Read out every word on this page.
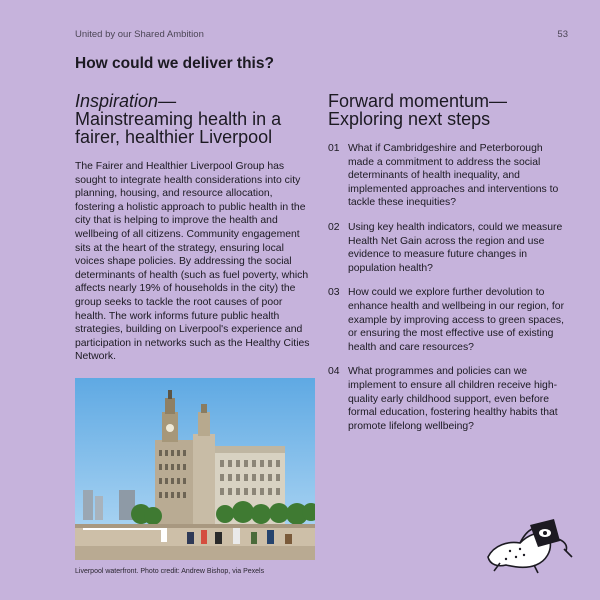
United by our Shared Ambition	53
How could we deliver this?
Inspiration—
Mainstreaming health in a fairer, healthier Liverpool

The Fairer and Healthier Liverpool Group has sought to integrate health considerations into city planning, housing, and resource allocation, fostering a holistic approach to public health in the city that is helping to improve the health and wellbeing of all citizens. Community engagement sits at the heart of the strategy, ensuring local voices shape policies. By addressing the social determinants of health (such as fuel poverty, which affects nearly 19% of households in the city) the group seeks to tackle the root causes of poor health. The work informs future public health strategies, building on Liverpool's experience and participation in networks such as the Healthy Cities Network.

Forward momentum—
Exploring next steps
01 What if Cambridgeshire and Peterborough made a commitment to address the social determinants of health inequality, and implemented approaches and interventions to tackle these inequities?
02 Using key health indicators, could we measure Health Net Gain across the region and use evidence to measure future changes in population health?
03 How could we explore further devolution to enhance health and wellbeing in our region, for example by improving access to green spaces, or ensuring the most effective use of existing health and care resources?
04 What programmes and policies can we implement to ensure all children receive high-quality early childhood support, even before formal education, fostering healthy habits that promote lifelong wellbeing?
Liverpool waterfront. Photo credit: Andrew Bishop, via Pexels
